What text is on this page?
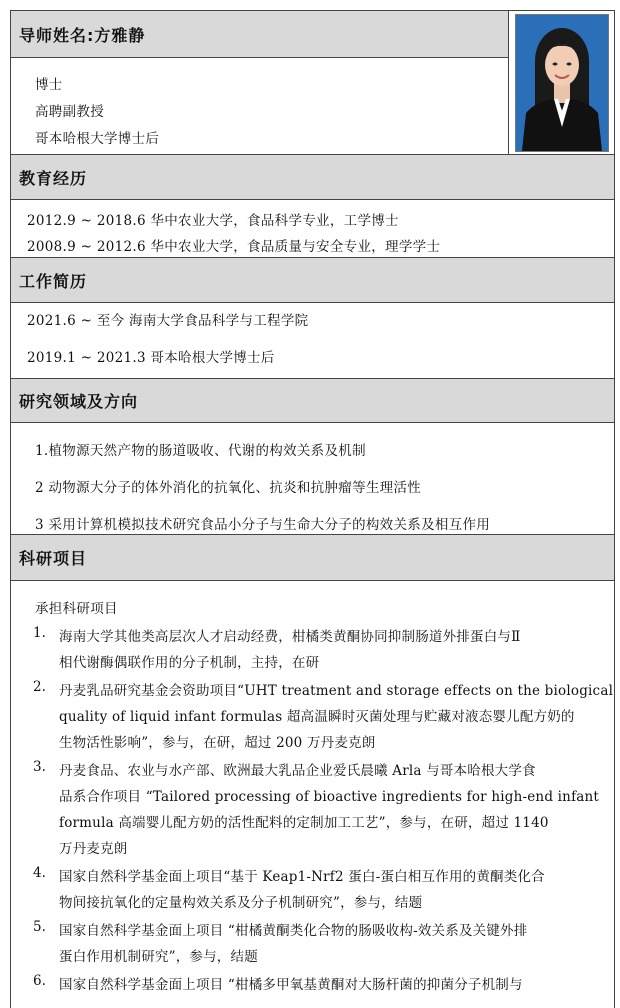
导师姓名:方雅静
博士
高聘副教授
哥本哈根大学博士后
教育经历
2012.9 ~ 2018.6 华中农业大学，食品科学专业，工学博士
2008.9 ~ 2012.6 华中农业大学，食品质量与安全专业，理学学士
工作简历
2021.6 ~ 至今 海南大学食品科学与工程学院
2019.1 ~ 2021.3 哥本哈根大学博士后
研究领域及方向
1.植物源天然产物的肠道吸收、代谢的构效关系及机制
2 动物源大分子的体外消化的抗氧化、抗炎和抗肿瘤等生理活性
3 采用计算机模拟技术研究食品小分子与生命大分子的构效关系及相互作用
科研项目
承担科研项目
1. 海南大学其他类高层次人才启动经费，柑橘类黄酮协同抑制肠道外排蛋白与Ⅱ
相代谢酶偶联作用的分子机制，主持，在研
2. 丹麦乳品研究基金会资助项目“UHT treatment and storage effects on the biological
quality of liquid infant formulas 超高温瞬时灭菌处理与贮藏对液态婴儿配方奶的
生物活性影响”，参与，在研，超过 200 万丹麦克朗
3. 丹麦食品、农业与水产部、欧洲最大乳品企业爱氏晨曦 Arla 与哥本哈根大学食
品系合作项目 “Tailored processing of bioactive ingredients for high-end infant
formula 高端婴儿配方奶的活性配料的定制加工工艺”，参与，在研，超过 1140
万丹麦克朗
4. 国家自然科学基金面上项目“基于 Keap1-Nrf2 蛋白-蛋白相互作用的黄酮类化合
物间接抗氧化的定量构效关系及分子机制研究”，参与，结题
5. 国家自然科学基金面上项目 “柑橘黄酮类化合物的肠吸收构-效关系及关键外排
蛋白作用机制研究”，参与，结题
6. 国家自然科学基金面上项目 “柑橘多甲氧基黄酮对大肠杆菌的抑菌分子机制与
